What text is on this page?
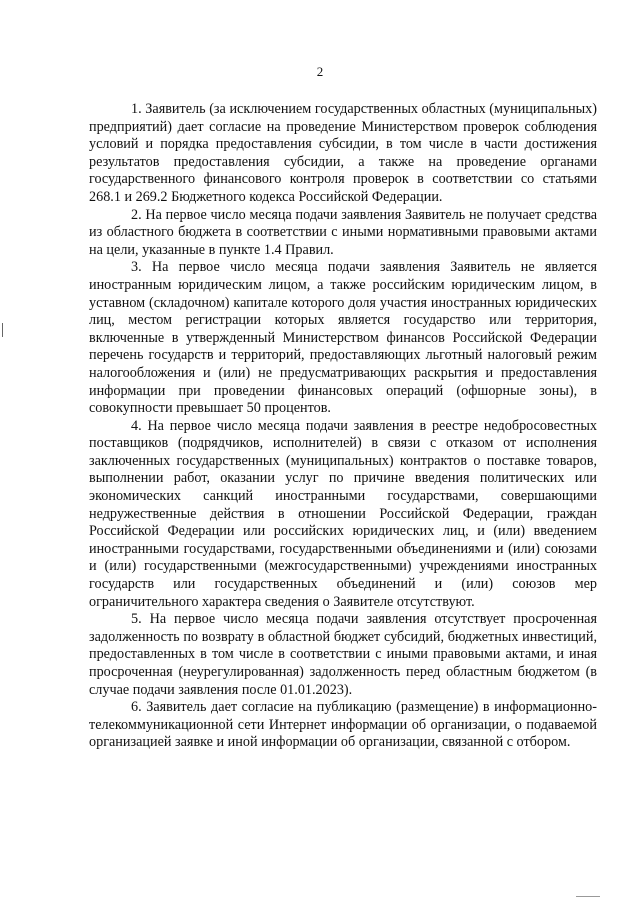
2

1. Заявитель (за исключением государственных областных (муниципальных) предприятий) дает согласие на проведение Министерством проверок соблюдения условий и порядка предоставления субсидии, в том числе в части достижения результатов предоставления субсидии, а также на проведение органами государственного финансового контроля проверок в соответствии со статьями 268.1 и 269.2 Бюджетного кодекса Российской Федерации.

2. На первое число месяца подачи заявления Заявитель не получает средства из областного бюджета в соответствии с иными нормативными правовыми актами на цели, указанные в пункте 1.4 Правил.

3. На первое число месяца подачи заявления Заявитель не является иностранным юридическим лицом, а также российским юридическим лицом, в уставном (складочном) капитале которого доля участия иностранных юридических лиц, местом регистрации которых является государство или территория, включенные в утвержденный Министерством финансов Российской Федерации перечень государств и территорий, предоставляющих льготный налоговый режим налогообложения и (или) не предусматривающих раскрытия и предоставления информации при проведении финансовых операций (офшорные зоны), в совокупности превышает 50 процентов.

4. На первое число месяца подачи заявления в реестре недобросовестных поставщиков (подрядчиков, исполнителей) в связи с отказом от исполнения заключенных государственных (муниципальных) контрактов о поставке товаров, выполнении работ, оказании услуг по причине введения политических или экономических санкций иностранными государствами, совершающими недружественные действия в отношении Российской Федерации, граждан Российской Федерации или российских юридических лиц, и (или) введением иностранными государствами, государственными объединениями и (или) союзами и (или) государственными (межгосударственными) учреждениями иностранных государств или государственных объединений и (или) союзов мер ограничительного характера сведения о Заявителе отсутствуют.

5. На первое число месяца подачи заявления отсутствует просроченная задолженность по возврату в областной бюджет субсидий, бюджетных инвестиций, предоставленных в том числе в соответствии с иными правовыми актами, и иная просроченная (неурегулированная) задолженность перед областным бюджетом (в случае подачи заявления после 01.01.2023).

6. Заявитель дает согласие на публикацию (размещение) в информационно-телекоммуникационной сети Интернет информации об организации, о подаваемой организацией заявке и иной информации об организации, связанной с отбором.
